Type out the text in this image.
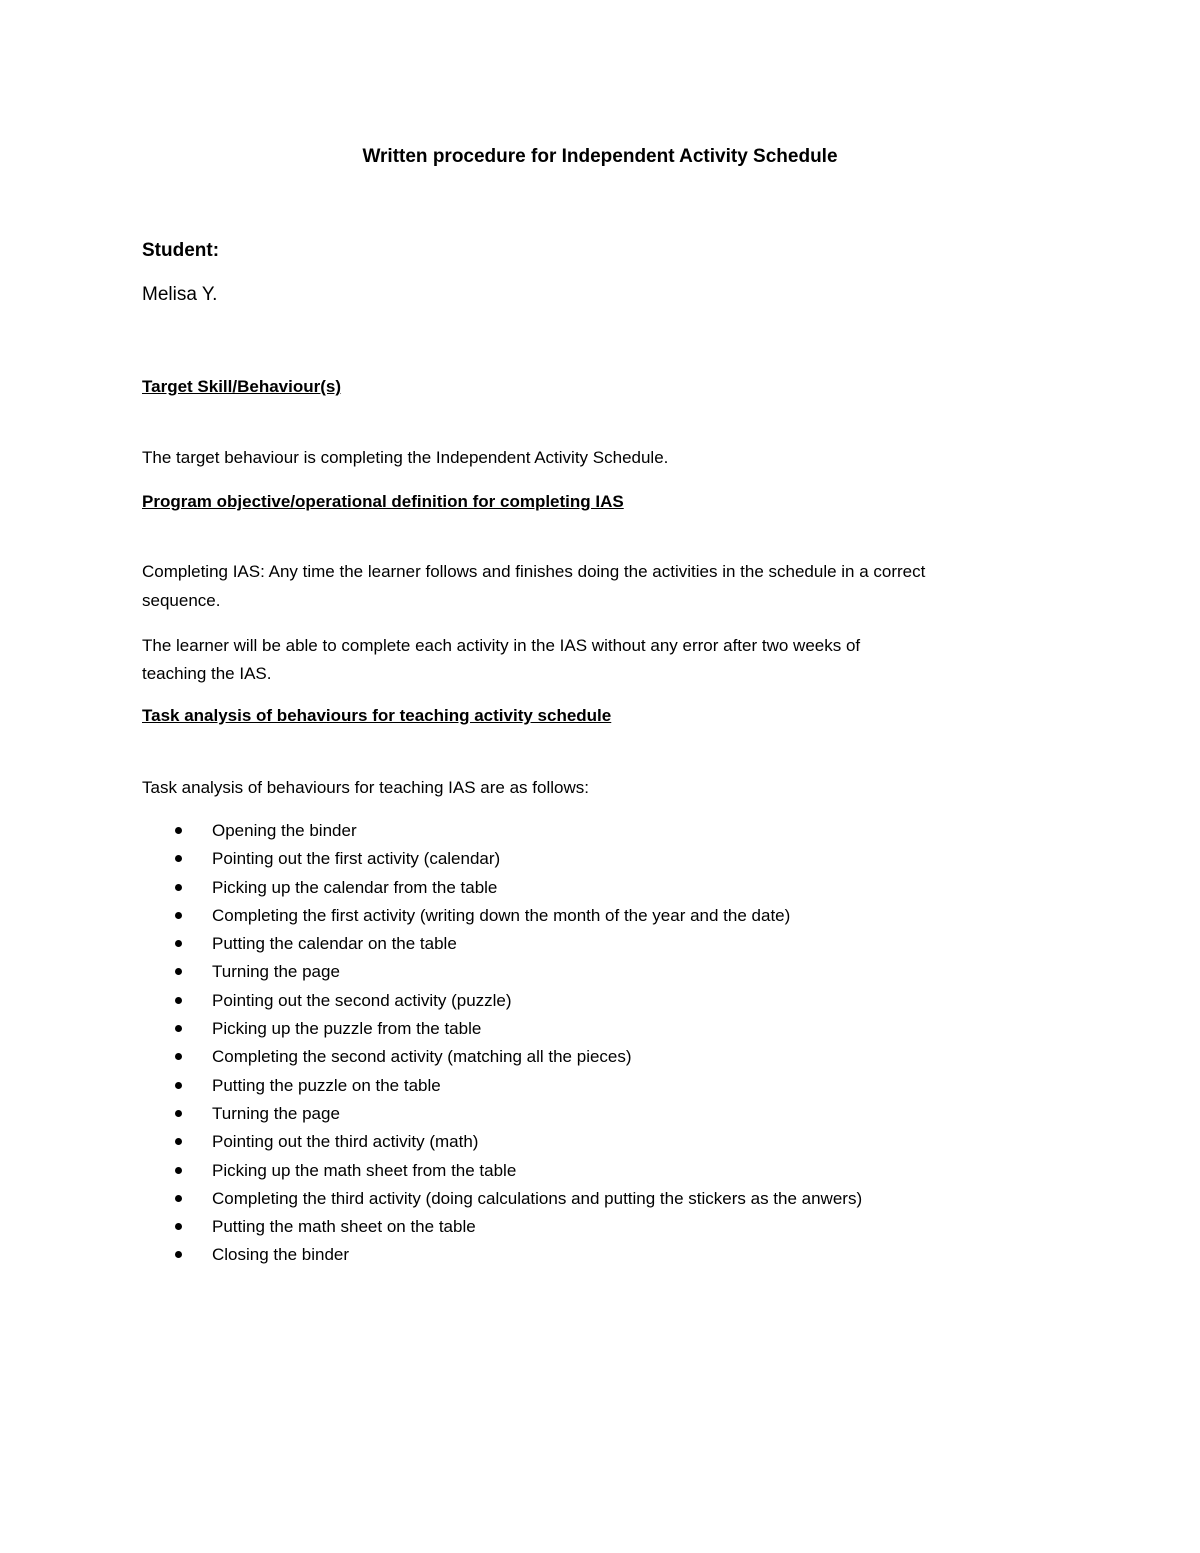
Written procedure for Independent Activity Schedule
Student:
Melisa Y.
Target Skill/Behaviour(s)

The target behaviour is completing the Independent Activity Schedule.

Program objective/operational definition for completing IAS

Completing IAS: Any time the learner follows and finishes doing the activities in the schedule in a correct

sequence.

The learner will be able to complete each activity in the IAS without any error after two weeks of

teaching the IAS.

Task analysis of behaviours for teaching activity schedule

Task analysis of behaviours for teaching IAS are as follows:

Opening the binder
Pointing out the first activity (calendar)
Picking up the calendar from the table
Completing the first activity (writing down the month of the year and the date)
Putting the calendar on the table
Turning the page
Pointing out the second activity (puzzle)
Picking up the puzzle from the table
Completing the second activity (matching all the pieces)
Putting the puzzle on the table
Turning the page
Pointing out the third activity (math)
Picking up the math sheet from the table
Completing the third activity (doing calculations and putting the stickers as the anwers)
Putting the math sheet on the table
Closing the binder
